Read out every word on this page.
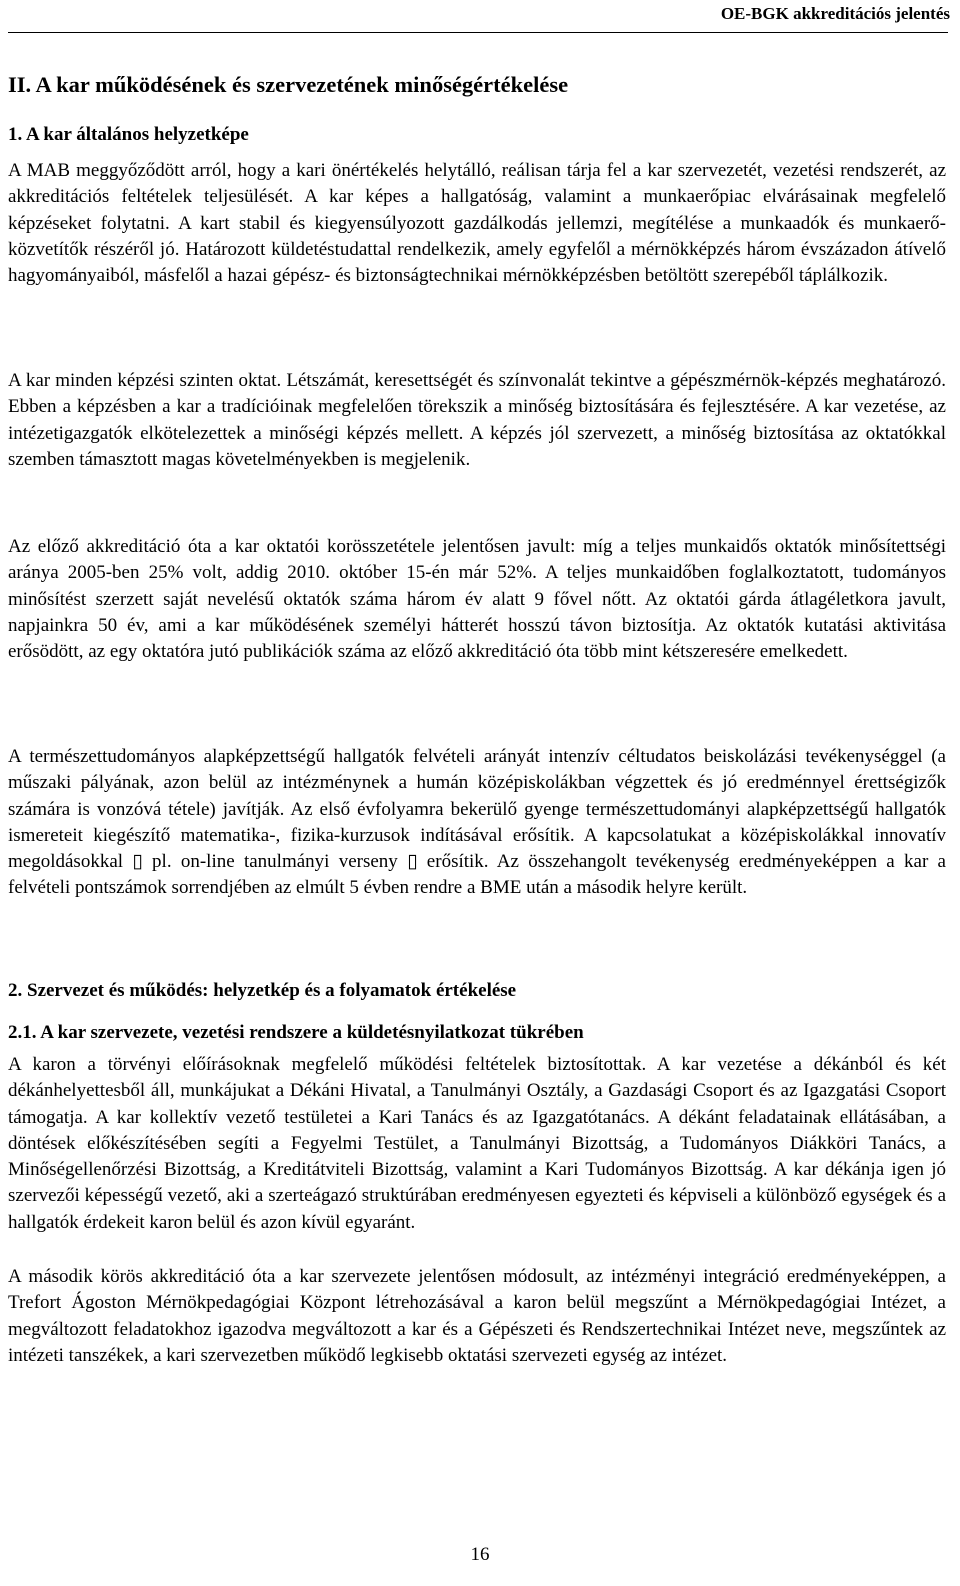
OE-BGK akkreditációs jelentés
II. A kar működésének és szervezetének minőségértékelése
1. A kar általános helyzetképe

A MAB meggyőződött arról, hogy a kari önértékelés helytálló, reálisan tárja fel a kar szervezetét, vezetési rendszerét, az akkreditációs feltételek teljesülését. A kar képes a hallgatóság, valamint a munkaerőpiac elvárásainak megfelelő képzéseket folytatni. A kart stabil és kiegyensúlyozott gazdálkodás jellemzi, megítélése a munkaadók és munkaerő-közvetítők részéről jó. Határozott küldetéstudattal rendelkezik, amely egyfelől a mérnökképzés három évszázadon átívelő hagyományaiból, másfelől a hazai gépész- és biztonságtechnikai mérnökképzésben betöltött szerepéből táplálkozik.

A kar minden képzési szinten oktat. Létszámát, keresettségét és színvonalát tekintve a gépészmérnök-képzés meghatározó. Ebben a képzésben a kar a tradícióinak megfelelően törekszik a minőség biztosítására és fejlesztésére. A kar vezetése, az intézetigazgatók elkötelezettek a minőségi képzés mellett. A képzés jól szervezett, a minőség biztosítása az oktatókkal szemben támasztott magas követelményekben is megjelenik.

Az előző akkreditáció óta a kar oktatói korösszetétele jelentősen javult: míg a teljes munkaidős oktatók minősítettségi aránya 2005-ben 25% volt, addig 2010. október 15-én már 52%. A teljes munkaidőben foglalkoztatott, tudományos minősítést szerzett saját nevelésű oktatók száma három év alatt 9 fővel nőtt. Az oktatói gárda átlagéletkora javult, napjainkra 50 év, ami a kar működésének személyi hátterét hosszú távon biztosítja. Az oktatók kutatási aktivitása erősödött, az egy oktatóra jutó publikációk száma az előző akkreditáció óta több mint kétszeresére emelkedett.

A természettudományos alapképzettségű hallgatók felvételi arányát intenzív céltudatos beiskolázási tevékenységgel (a műszaki pályának, azon belül az intézménynek a humán középiskolákban végzettek és jó eredménnyel érettségizők számára is vonzóvá tétele) javítják. Az első évfolyamra bekerülő gyenge természettudományi alapképzettségű hallgatók ismereteit kiegészítő matematika-, fizika-kurzusok indításával erősítik. A kapcsolatukat a középiskolákkal innovatív megoldásokkal ▯ pl. on-line tanulmányi verseny ▯ erősítik. Az összehangolt tevékenység eredményeképpen a kar a felvételi pontszámok sorrendjében az elmúlt 5 évben rendre a BME után a második helyre került.

2. Szervezet és működés: helyzetkép és a folyamatok értékelése
2.1. A kar szervezete, vezetési rendszere a küldetésnyilatkozat tükrében

A karon a törvényi előírásoknak megfelelő működési feltételek biztosítottak. A kar vezetése a dékánból és két dékánhelyettesből áll, munkájukat a Dékáni Hivatal, a Tanulmányi Osztály, a Gazdasági Csoport és az Igazgatási Csoport támogatja. A kar kollektív vezető testületei a Kari Tanács és az Igazgatótanács. A dékánt feladatainak ellátásában, a döntések előkészítésében segíti a Fegyelmi Testület, a Tanulmányi Bizottság, a Tudományos Diákköri Tanács, a Minőségellenőrzési Bizottság, a Kreditátviteli Bizottság, valamint a Kari Tudományos Bizottság. A kar dékánja igen jó szervezői képességű vezető, aki a szerteágazó struktúrában eredményesen egyezteti és képviseli a különböző egységek és a hallgatók érdekeit karon belül és azon kívül egyaránt.

A második körös akkreditáció óta a kar szervezete jelentősen módosult, az intézményi integráció eredményeképpen, a Trefort Ágoston Mérnökpedagógiai Központ létrehozásával a karon belül megszűnt a Mérnökpedagógiai Intézet, a megváltozott feladatokhoz igazodva megváltozott a kar és a Gépészeti és Rendszertechnikai Intézet neve, megszűntek az intézeti tanszékek, a kari szervezetben működő legkisebb oktatási szervezeti egység az intézet.

16
